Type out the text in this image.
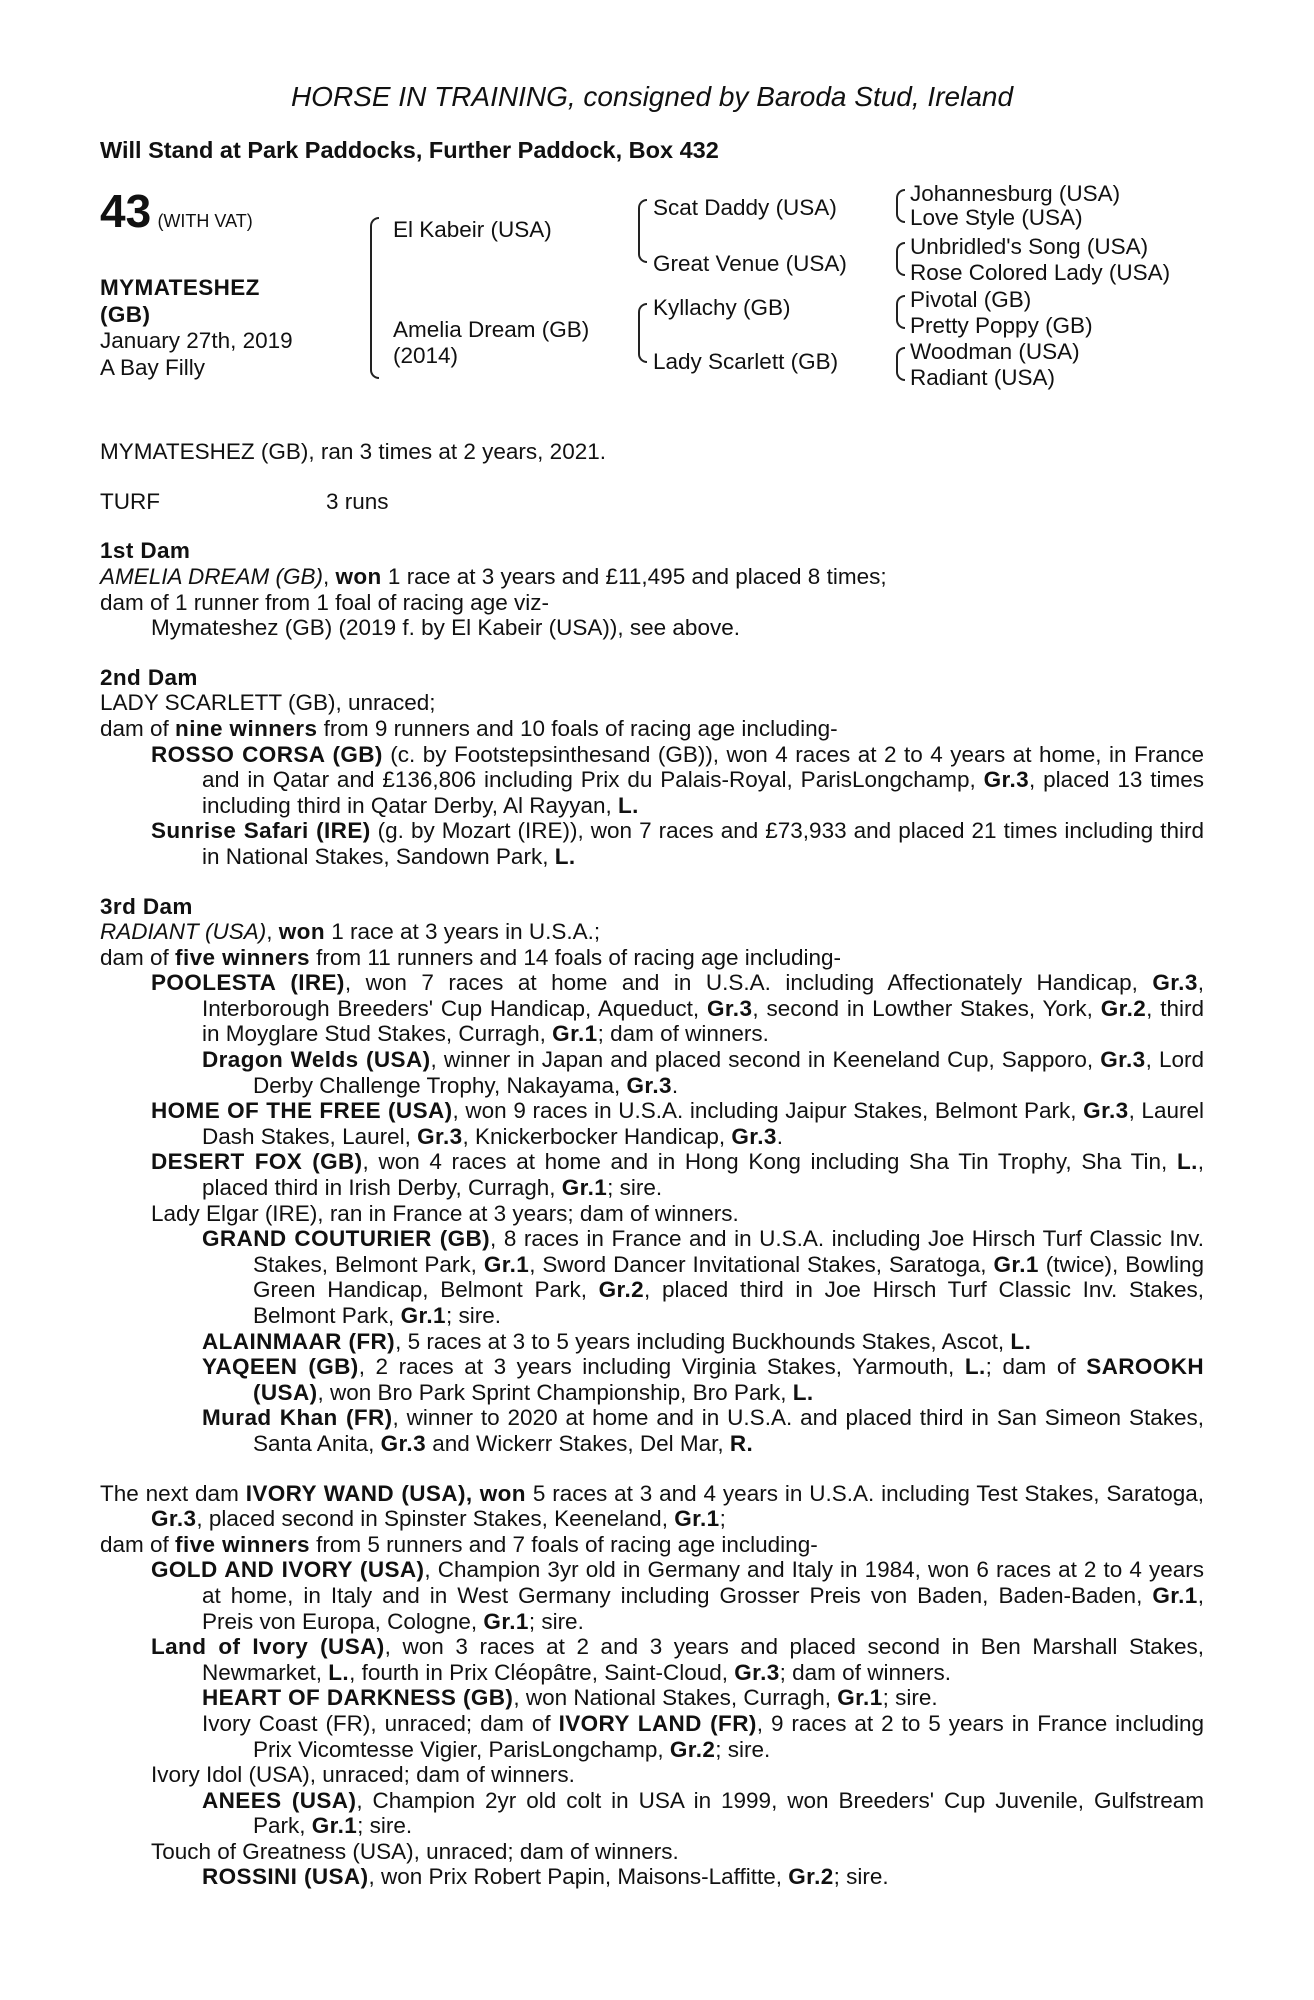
HORSE IN TRAINING, consigned by Baroda Stud, Ireland
Will Stand at Park Paddocks, Further Paddock, Box 432
43 (WITH VAT)
MYMATESHEZ
(GB)
January 27th, 2019
A Bay Filly
El Kabeir (USA)
Amelia Dream (GB)
(2014)
Scat Daddy (USA)
Great Venue (USA)
Kyllachy (GB)
Lady Scarlett (GB)
Johannesburg (USA)
Love Style (USA)
Unbridled's Song (USA)
Rose Colored Lady (USA)
Pivotal (GB)
Pretty Poppy (GB)
Woodman (USA)
Radiant (USA)
MYMATESHEZ (GB), ran 3 times at 2 years, 2021.
TURF	3 runs
1st Dam
AMELIA DREAM (GB), won 1 race at 3 years and £11,495 and placed 8 times;
dam of 1 runner from 1 foal of racing age viz-
Mymateshez (GB) (2019 f. by El Kabeir (USA)), see above.
2nd Dam
LADY SCARLETT (GB), unraced;
dam of nine winners from 9 runners and 10 foals of racing age including-
ROSSO CORSA (GB) (c. by Footstepsinthesand (GB)), won 4 races at 2 to 4 years at home, in France and in Qatar and £136,806 including Prix du Palais-Royal, ParisLongchamp, Gr.3, placed 13 times including third in Qatar Derby, Al Rayyan, L.
Sunrise Safari (IRE) (g. by Mozart (IRE)), won 7 races and £73,933 and placed 21 times including third in National Stakes, Sandown Park, L.
3rd Dam
RADIANT (USA), won 1 race at 3 years in U.S.A.;
dam of five winners from 11 runners and 14 foals of racing age including-
POOLESTA (IRE), won 7 races at home and in U.S.A. including Affectionately Handicap, Gr.3, Interborough Breeders' Cup Handicap, Aqueduct, Gr.3, second in Lowther Stakes, York, Gr.2, third in Moyglare Stud Stakes, Curragh, Gr.1; dam of winners.
Dragon Welds (USA), winner in Japan and placed second in Keeneland Cup, Sapporo, Gr.3, Lord Derby Challenge Trophy, Nakayama, Gr.3.
HOME OF THE FREE (USA), won 9 races in U.S.A. including Jaipur Stakes, Belmont Park, Gr.3, Laurel Dash Stakes, Laurel, Gr.3, Knickerbocker Handicap, Gr.3.
DESERT FOX (GB), won 4 races at home and in Hong Kong including Sha Tin Trophy, Sha Tin, L., placed third in Irish Derby, Curragh, Gr.1; sire.
Lady Elgar (IRE), ran in France at 3 years; dam of winners.
GRAND COUTURIER (GB), 8 races in France and in U.S.A. including Joe Hirsch Turf Classic Inv. Stakes, Belmont Park, Gr.1, Sword Dancer Invitational Stakes, Saratoga, Gr.1 (twice), Bowling Green Handicap, Belmont Park, Gr.2, placed third in Joe Hirsch Turf Classic Inv. Stakes, Belmont Park, Gr.1; sire.
ALAINMAAR (FR), 5 races at 3 to 5 years including Buckhounds Stakes, Ascot, L.
YAQEEN (GB), 2 races at 3 years including Virginia Stakes, Yarmouth, L.; dam of SAROOKH (USA), won Bro Park Sprint Championship, Bro Park, L.
Murad Khan (FR), winner to 2020 at home and in U.S.A. and placed third in San Simeon Stakes, Santa Anita, Gr.3 and Wickerr Stakes, Del Mar, R.
The next dam IVORY WAND (USA), won 5 races at 3 and 4 years in U.S.A. including Test Stakes, Saratoga, Gr.3, placed second in Spinster Stakes, Keeneland, Gr.1;
dam of five winners from 5 runners and 7 foals of racing age including-
GOLD AND IVORY (USA), Champion 3yr old in Germany and Italy in 1984, won 6 races at 2 to 4 years at home, in Italy and in West Germany including Grosser Preis von Baden, Baden-Baden, Gr.1, Preis von Europa, Cologne, Gr.1; sire.
Land of Ivory (USA), won 3 races at 2 and 3 years and placed second in Ben Marshall Stakes, Newmarket, L., fourth in Prix Cléopâtre, Saint-Cloud, Gr.3; dam of winners.
HEART OF DARKNESS (GB), won National Stakes, Curragh, Gr.1; sire.
Ivory Coast (FR), unraced; dam of IVORY LAND (FR), 9 races at 2 to 5 years in France including Prix Vicomtesse Vigier, ParisLongchamp, Gr.2; sire.
Ivory Idol (USA), unraced; dam of winners.
ANEES (USA), Champion 2yr old colt in USA in 1999, won Breeders' Cup Juvenile, Gulfstream Park, Gr.1; sire.
Touch of Greatness (USA), unraced; dam of winners.
ROSSINI (USA), won Prix Robert Papin, Maisons-Laffitte, Gr.2; sire.
